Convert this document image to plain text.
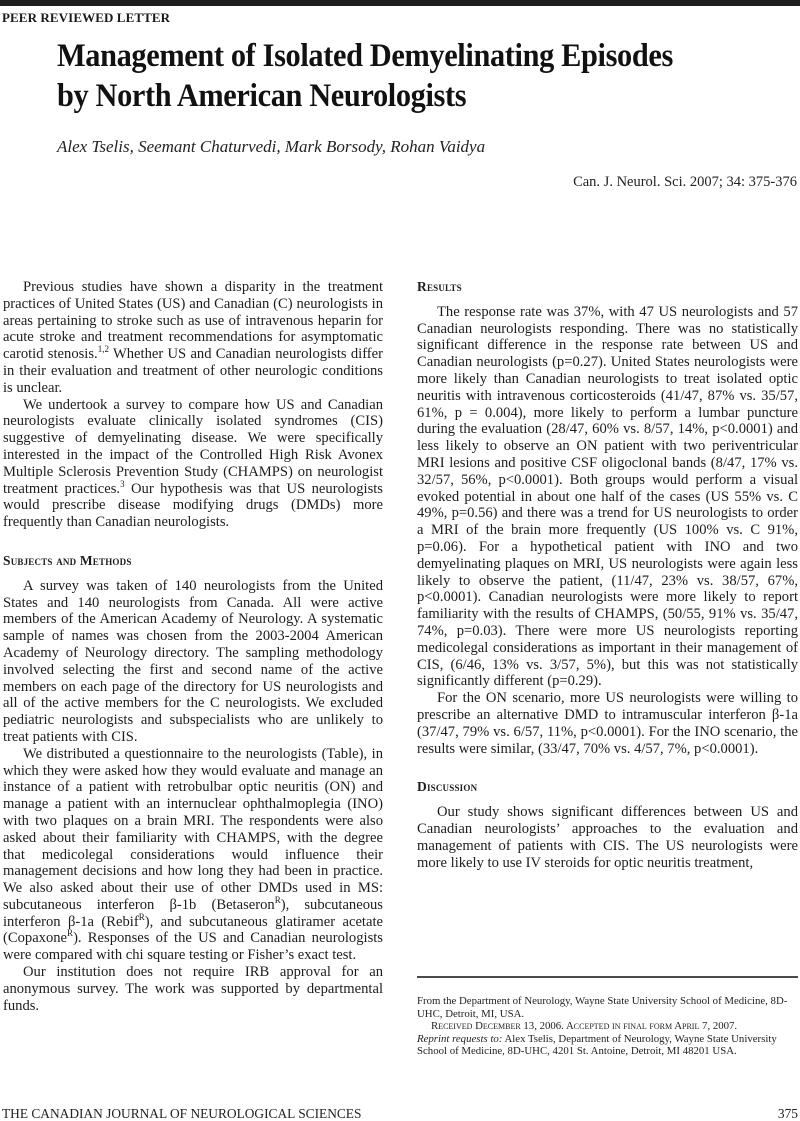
PEER REVIEWED LETTER
Management of Isolated Demyelinating Episodes
by North American Neurologists
Alex Tselis, Seemant Chaturvedi, Mark Borsody, Rohan Vaidya
Can. J. Neurol. Sci. 2007; 34: 375-376

Previous studies have shown a disparity in the treatment practices of United States (US) and Canadian (C) neurologists in areas pertaining to stroke such as use of intravenous heparin for acute stroke and treatment recommendations for asymptomatic carotid stenosis.$^{1,2}$ Whether US and Canadian neurologists differ in their evaluation and treatment of other neurologic conditions is unclear.

We undertook a survey to compare how US and Canadian neurologists evaluate clinically isolated syndromes (CIS) suggestive of demyelinating disease. We were specifically interested in the impact of the Controlled High Risk Avonex Multiple Sclerosis Prevention Study (CHAMPS) on neurologist treatment practices.$^3$ Our hypothesis was that US neurologists would prescribe disease modifying drugs (DMDs) more frequently than Canadian neurologists.

Subjects and Methods

A survey was taken of 140 neurologists from the United States and 140 neurologists from Canada. All were active members of the American Academy of Neurology. A systematic sample of names was chosen from the 2003-2004 American Academy of Neurology directory. The sampling methodology involved selecting the first and second name of the active members on each page of the directory for US neurologists and all of the active members for the C neurologists. We excluded pediatric neurologists and subspecialists who are unlikely to treat patients with CIS.

We distributed a questionnaire to the neurologists (Table), in which they were asked how they would evaluate and manage an instance of a patient with retrobulbar optic neuritis (ON) and manage a patient with an internuclear ophthalmoplegia (INO) with two plaques on a brain MRI. The respondents were also asked about their familiarity with CHAMPS, with the degree that medicolegal considerations would influence their management decisions and how long they had been in practice. We also asked about their use of other DMDs used in MS: subcutaneous interferon β-1b (Betaseron$^R$), subcutaneous interferon β-1a (Rebif$^R$), and subcutaneous glatiramer acetate (Copaxone$^R$). Responses of the US and Canadian neurologists were compared with chi square testing or Fisher’s exact test.

Our institution does not require IRB approval for an anonymous survey. The work was supported by departmental funds.

Results

The response rate was 37%, with 47 US neurologists and 57 Canadian neurologists responding. There was no statistically significant difference in the response rate between US and Canadian neurologists (p=0.27). United States neurologists were more likely than Canadian neurologists to treat isolated optic neuritis with intravenous corticosteroids (41/47, 87% vs. 35/57, 61%, p = 0.004), more likely to perform a lumbar puncture during the evaluation (28/47, 60% vs. 8/57, 14%, p<0.0001) and less likely to observe an ON patient with two periventricular MRI lesions and positive CSF oligoclonal bands (8/47, 17% vs. 32/57, 56%, p<0.0001). Both groups would perform a visual evoked potential in about one half of the cases (US 55% vs. C 49%, p=0.56) and there was a trend for US neurologists to order a MRI of the brain more frequently (US 100% vs. C 91%, p=0.06). For a hypothetical patient with INO and two demyelinating plaques on MRI, US neurologists were again less likely to observe the patient, (11/47, 23% vs. 38/57, 67%, p<0.0001). Canadian neurologists were more likely to report familiarity with the results of CHAMPS, (50/55, 91% vs. 35/47, 74%, p=0.03). There were more US neurologists reporting medicolegal considerations as important in their management of CIS, (6/46, 13% vs. 3/57, 5%), but this was not statistically significantly different (p=0.29).

For the ON scenario, more US neurologists were willing to prescribe an alternative DMD to intramuscular interferon β-1a (37/47, 79% vs. 6/57, 11%, p<0.0001). For the INO scenario, the results were similar, (33/47, 70% vs. 4/57, 7%, p<0.0001).

Discussion

Our study shows significant differences between US and Canadian neurologists’ approaches to the evaluation and management of patients with CIS. The US neurologists were more likely to use IV steroids for optic neuritis treatment,

From the Department of Neurology, Wayne State University School of Medicine, 8D-UHC, Detroit, MI, USA.
Received December 13, 2006. Accepted in final form April 7, 2007.
Reprint requests to: Alex Tselis, Department of Neurology, Wayne State University School of Medicine, 8D-UHC, 4201 St. Antoine, Detroit, MI 48201 USA.
THE CANADIAN JOURNAL OF NEUROLOGICAL SCIENCES	375
